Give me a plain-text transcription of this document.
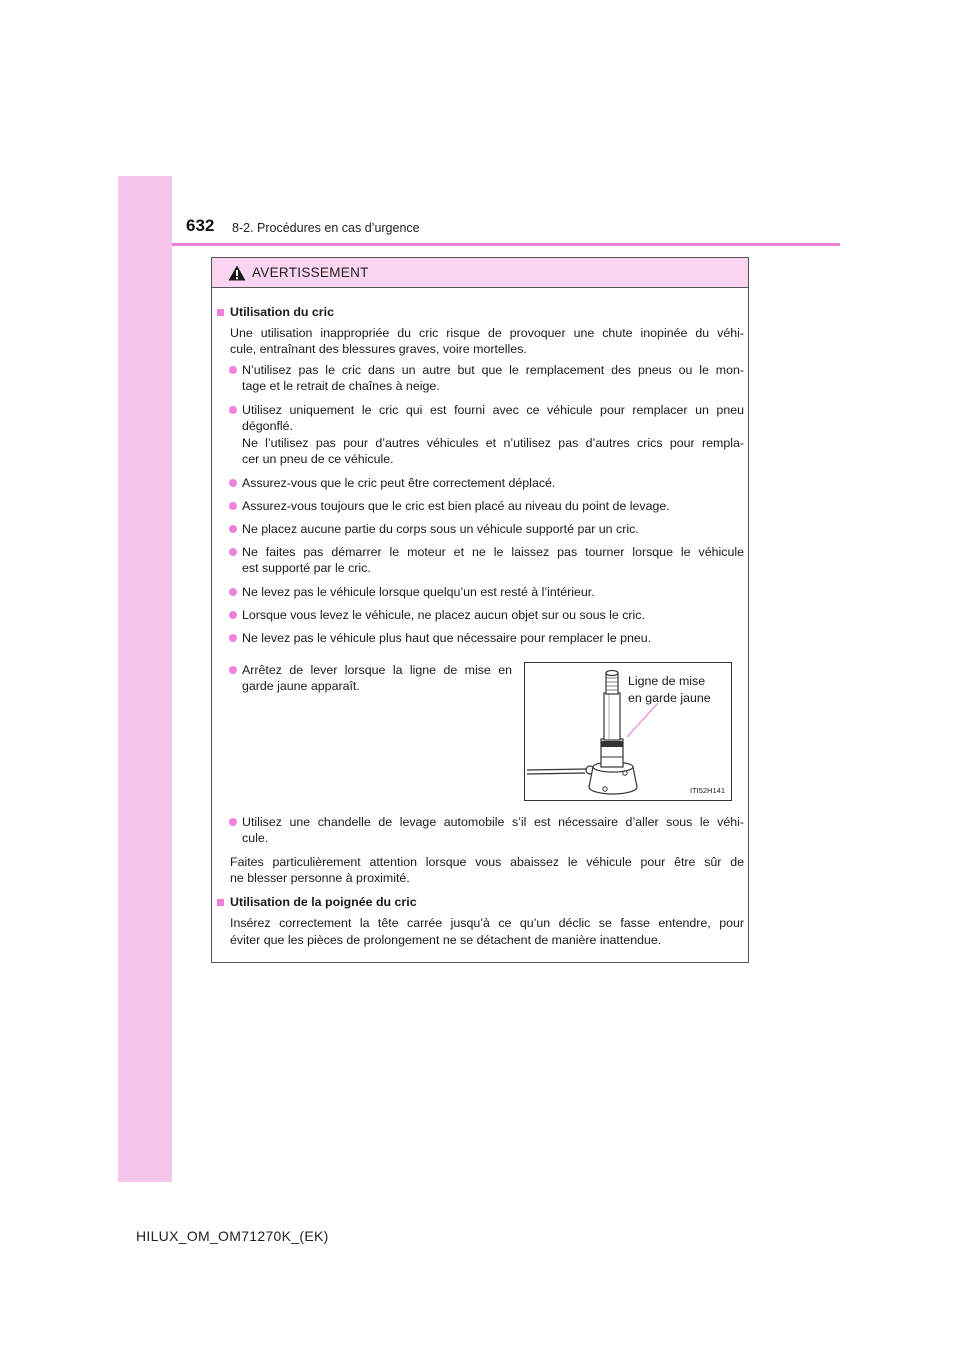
632 8-2. Procédures en cas d’urgence
AVERTISSEMENT
Utilisation du cric
Une utilisation inappropriée du cric risque de provoquer une chute inopinée du véhi-
cule, entraînant des blessures graves, voire mortelles.
N’utilisez pas le cric dans un autre but que le remplacement des pneus ou le mon-
tage et le retrait de chaînes à neige.
Utilisez uniquement le cric qui est fourni avec ce véhicule pour remplacer un pneu
dégonflé.
Ne l’utilisez pas pour d’autres véhicules et n’utilisez pas d’autres crics pour rempla-
cer un pneu de ce véhicule.
Assurez-vous que le cric peut être correctement déplacé.
Assurez-vous toujours que le cric est bien placé au niveau du point de levage.
Ne placez aucune partie du corps sous un véhicule supporté par un cric.
Ne faites pas démarrer le moteur et ne le laissez pas tourner lorsque le véhicule
est supporté par le cric.
Ne levez pas le véhicule lorsque quelqu’un est resté à l’intérieur.
Lorsque vous levez le véhicule, ne placez aucun objet sur ou sous le cric.
Ne levez pas le véhicule plus haut que nécessaire pour remplacer le pneu.
Arrêtez de lever lorsque la ligne de mise en
garde jaune apparaît.	Ligne de mise
en garde jaune
ITI52H141
Utilisez une chandelle de levage automobile s’il est nécessaire d’aller sous le véhi-
cule.
Faites particulièrement attention lorsque vous abaissez le véhicule pour être sûr de
ne blesser personne à proximité.
Utilisation de la poignée du cric
Insérez correctement la tête carrée jusqu’à ce qu’un déclic se fasse entendre, pour
éviter que les pièces de prolongement ne se détachent de manière inattendue.
HILUX_OM_OM71270K_(EK)
